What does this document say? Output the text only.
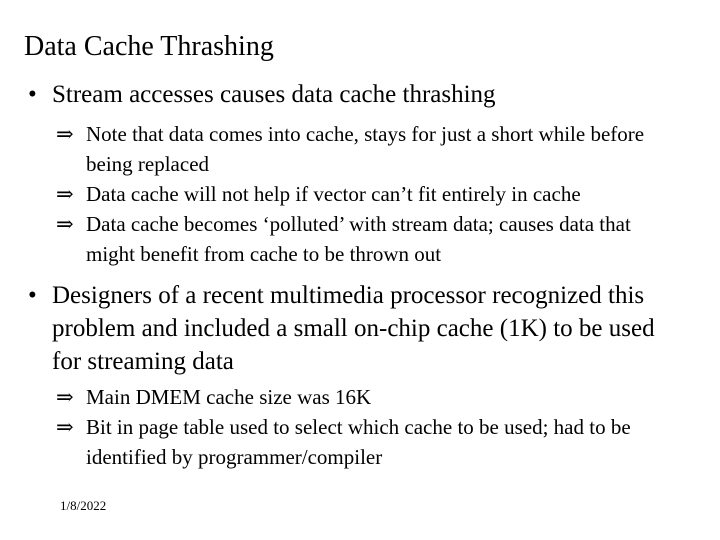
Data Cache Thrashing
• Stream accesses causes data cache thrashing
⇒ Note that data comes into cache, stays for just a short while before being replaced
⇒ Data cache will not help if vector can’t fit entirely in cache
⇒ Data cache becomes ‘polluted’ with stream data; causes data that might benefit from cache to be thrown out
• Designers of a recent multimedia processor recognized this problem and included a small on-chip cache (1K) to be used for streaming data
⇒ Main DMEM cache size was 16K
⇒ Bit in page table used to select which cache to be used; had to be identified by programmer/compiler
1/8/2022
